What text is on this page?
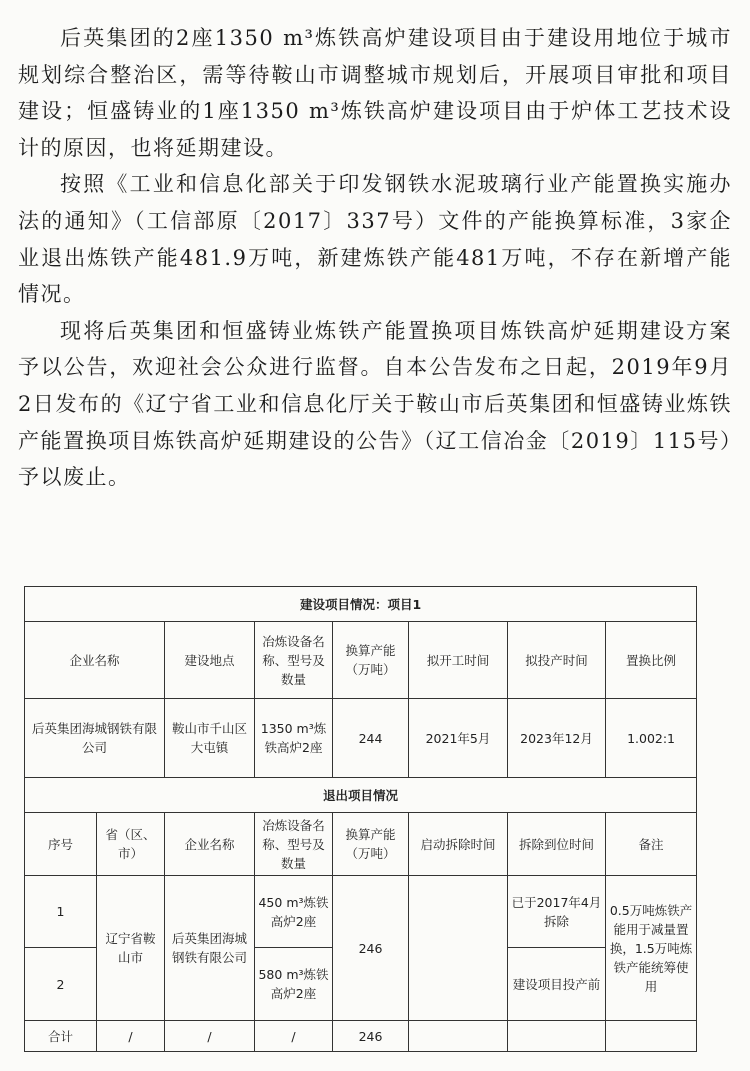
后英集团的2座1350 m³炼铁高炉建设项目由于建设用地位于城市规划综合整治区，需等待鞍山市调整城市规划后，开展项目审批和项目建设；恒盛铸业的1座1350 m³炼铁高炉建设项目由于炉体工艺技术设计的原因，也将延期建设。

按照《工业和信息化部关于印发钢铁水泥玻璃行业产能置换实施办法的通知》（工信部原〔2017〕337号）文件的产能换算标准，3家企业退出炼铁产能481.9万吨，新建炼铁产能481万吨，不存在新增产能情况。

现将后英集团和恒盛铸业炼铁产能置换项目炼铁高炉延期建设方案予以公告，欢迎社会公众进行监督。自本公告发布之日起，2019年9月2日发布的《辽宁省工业和信息化厅关于鞍山市后英集团和恒盛铸业炼铁产能置换项目炼铁高炉延期建设的公告》（辽工信冶金〔2019〕115号）予以废止。

建设项目情况：项目1							
企业名称		建设地点	冶炼设备名称、型号及数量	换算产能（万吨）	拟开工时间	拟投产时间	置换比例
后英集团海城钢铁有限公司		鞍山市千山区大屯镇	1350 m³炼铁高炉2座	244	2021年5月	2023年12月	1.002:1
退出项目情况							
序号	省（区、市）	企业名称	冶炼设备名称、型号及数量	换算产能（万吨）	启动拆除时间	拆除到位时间	备注
1	辽宁省鞍山市	后英集团海城钢铁有限公司	450 m³炼铁高炉2座	246		已于2017年4月拆除	0.5万吨炼铁产能用于减量置换，1.5万吨炼铁产能统筹使用
2			580 m³炼铁高炉2座			建设项目投产前	
合计	/	/	/	246			
